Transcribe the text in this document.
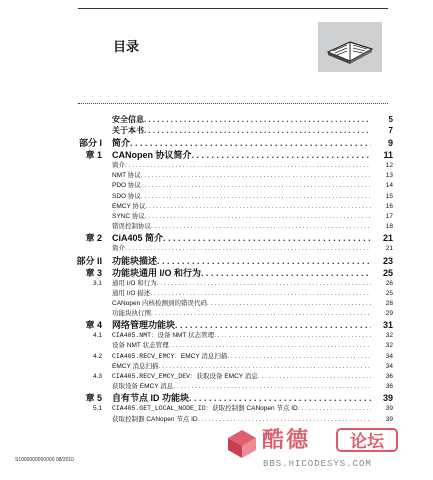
目录
安全信息 . . .	5
关于本书 . . .	7
部分 I 简介 . . .	9
章 1 CANopen 协议简介 . . .	11
简介 . . .	12
NMT 协议 . . .	13
PDO 协议 . . .	14
SDO 协议 . . .	15
EMCY 协议 . . .	16
SYNC 协议 . . .	17
错误控制协议 . . .	18
章 2 CiA405 简介 . . .	21
简介 . . .	21
部分 II 功能块描述 . . .	23
章 3 功能块通用 I/O 和行为 . . .	25
3.1 通用 I/O 和行为 . . .	26
通用 I/O 描述 . . .	25
CANopen 内核检测到的错误代码 . . .	28
功能块执行图 . . .	29
章 4 网络管理功能块 . . .	31
4.1 CIA405.NMT ：设备 NMT 状态管理 . . .	32
设备 NMT 状态管理 . . .	32
4.2 CIA405.RECV_EMCY ：EMCY 消息扫描 . . .	34
EMCY 消息扫描 . . .	34
4.3 CIA405.RECV_EMCY_DEV ：获取设备 EMCY 消息 . . .	36
获取设备 EMCY 消息 . . .	36
章 5 自有节点 ID 功能块 . . .	39
5.1 CIA405.GET_LOCAL_NODE_ID ：获取控制器 CANopen 节点 ID . . .	39
获取控制器 CANopen 节点 ID . . .	39
S1000000000000 08/2010
酷德	论坛
BBS.HICODESYS.COM
